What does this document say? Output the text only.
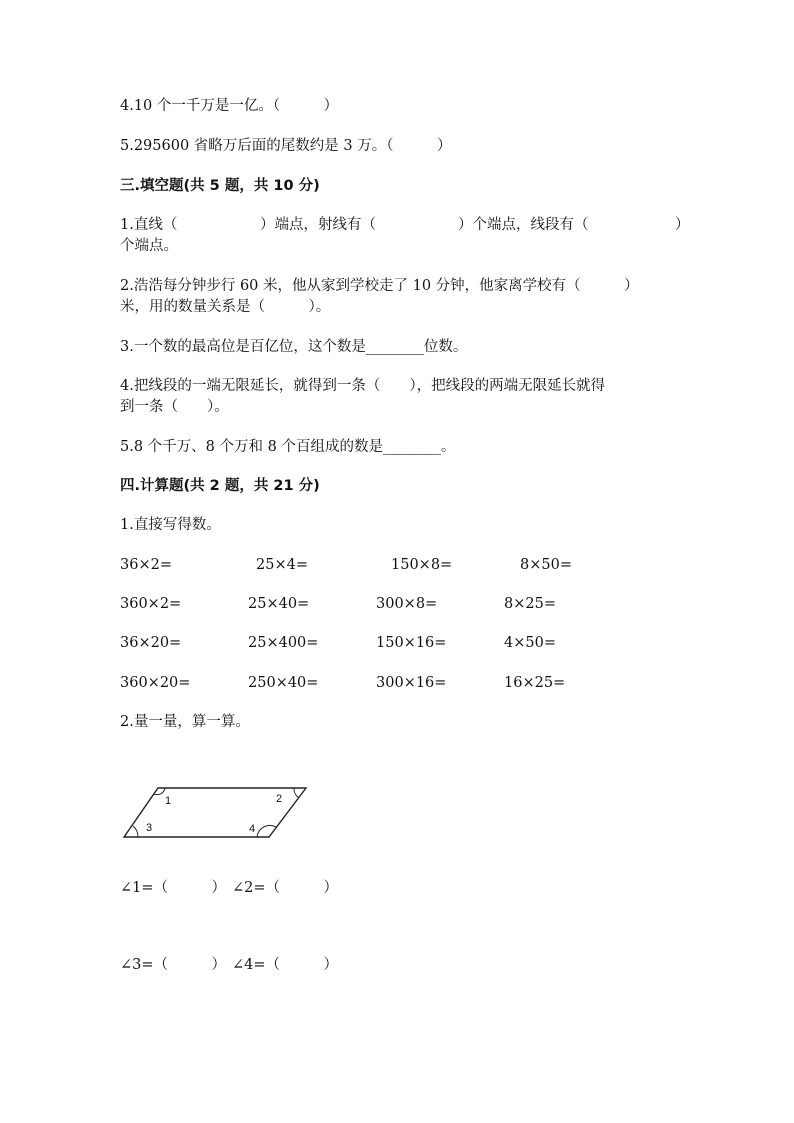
4.10 个一千万是一亿。（　　　）
5.295600 省略万后面的尾数约是 3 万。（　　　）
三.填空题(共 5 题，共 10 分)
1.直线（	）端点，射线有（	）个端点，线段有（	）
个端点。
2.浩浩每分钟步行 60 米，他从家到学校走了 10 分钟，他家离学校有（　　　）
米，用的数量关系是（　　　）。
3.一个数的最高位是百亿位，这个数是________位数。
4.把线段的一端无限延长，就得到一条（　　），把线段的两端无限延长就得
到一条（　　）。
5.8 个千万、8 个万和 8 个百组成的数是________。
四.计算题(共 2 题，共 21 分)
1.直接写得数。
36×2=	25×4=	150×8=	8×50=
360×2=	25×40=	300×8=	8×25=
36×20=	25×400=	150×16=	4×50=
360×20=	250×40=	300×16=	16×25=
2.量一量，算一算。
1	2
3	4
∠1=（　　　） ∠2=（　　　）
∠3=（　　　） ∠4=（　　　）
